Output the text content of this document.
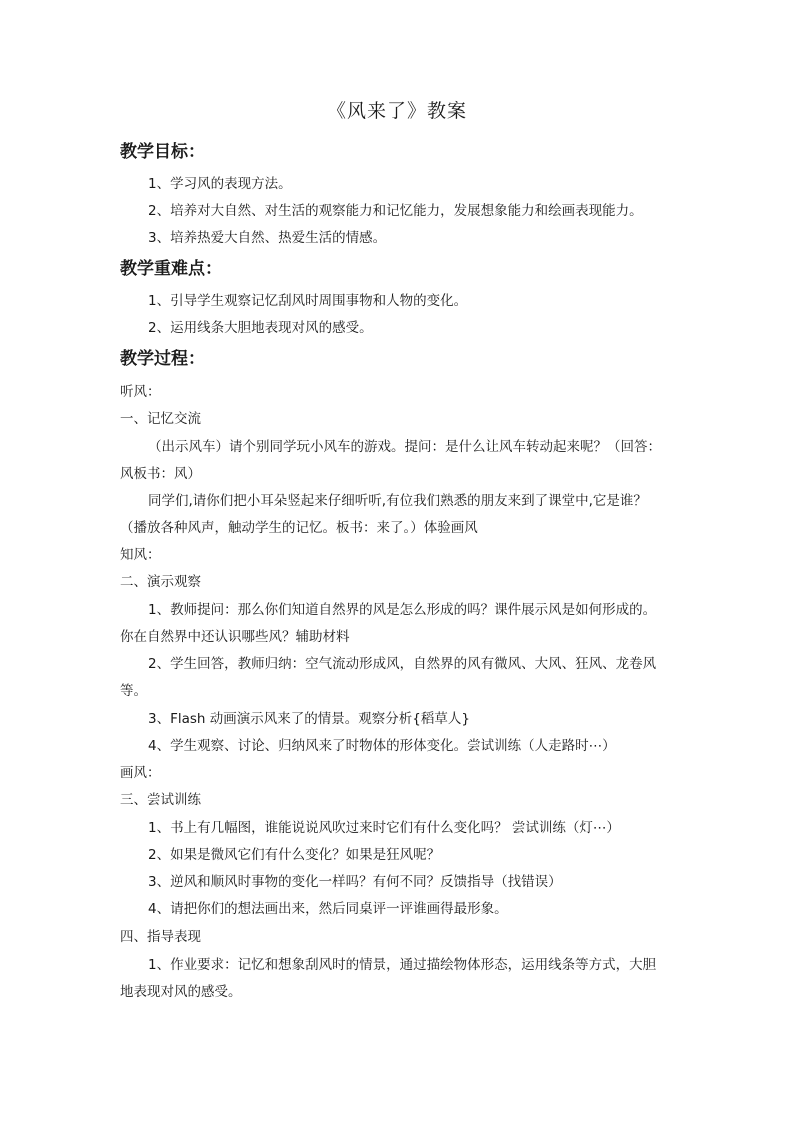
《风来了》教案
教学目标：
1、学习风的表现方法。
2、培养对大自然、对生活的观察能力和记忆能力，发展想象能力和绘画表现能力。
3、培养热爱大自然、热爱生活的情感。
教学重难点：
1、引导学生观察记忆刮风时周围事物和人物的变化。
2、运用线条大胆地表现对风的感受。
教学过程：
听风：
一、记忆交流
（出示风车）请个别同学玩小风车的游戏。提问：是什么让风车转动起来呢？（回答：
风板书：风）
同学们,请你们把小耳朵竖起来仔细听听,有位我们熟悉的朋友来到了课堂中,它是谁？
（播放各种风声，触动学生的记忆。板书：来了。）体验画风
知风：
二、演示观察
1、教师提问：那么你们知道自然界的风是怎么形成的吗？课件展示风是如何形成的。
你在自然界中还认识哪些风？辅助材料
2、学生回答，教师归纳：空气流动形成风，自然界的风有微风、大风、狂风、龙卷风
等。
3、Flash 动画演示风来了的情景。观察分析{稻草人}
4、学生观察、讨论、归纳风来了时物体的形体变化。尝试训练（人走路时⋯）
画风：
三、尝试训练
1、书上有几幅图，谁能说说风吹过来时它们有什么变化吗？ 尝试训练（灯⋯）
2、如果是微风它们有什么变化？如果是狂风呢？
3、逆风和顺风时事物的变化一样吗？有何不同？反馈指导（找错误）
4、请把你们的想法画出来，然后同桌评一评谁画得最形象。
四、指导表现
1、作业要求：记忆和想象刮风时的情景，通过描绘物体形态，运用线条等方式，大胆
地表现对风的感受。
